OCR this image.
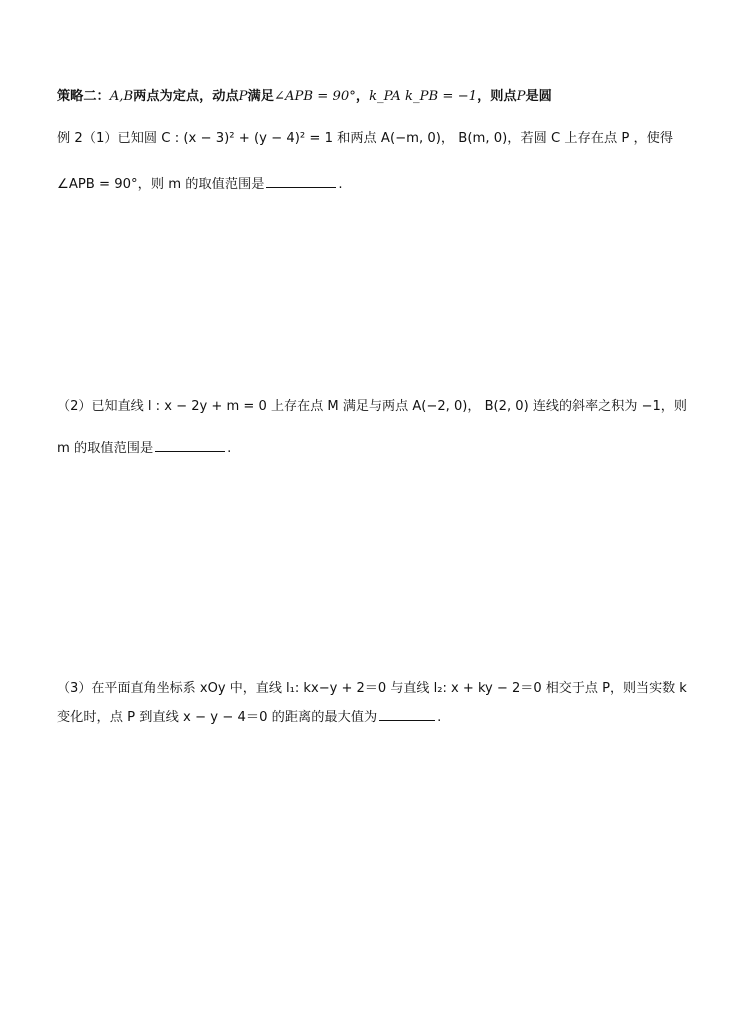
策略二：A,B两点为定点，动点P满足∠APB = 90°，k_PA k_PB = −1，则点P是圆
例 2（1）已知圆 C : (x − 3)² + (y − 4)² = 1 和两点 A(−m, 0)， B(m, 0)，若圆 C 上存在点 P ，使得
∠APB = 90°，则 m 的取值范围是	.
（2）已知直线 l : x − 2y + m = 0 上存在点 M 满足与两点 A(−2, 0)， B(2, 0) 连线的斜率之积为 −1，则
m 的取值范围是	.
（3）在平面直角坐标系 xOy 中，直线 l₁: kx−y + 2＝0 与直线 l₂: x + ky − 2＝0 相交于点 P，则当实数 k
变化时，点 P 到直线 x − y − 4＝0 的距离的最大值为	.
